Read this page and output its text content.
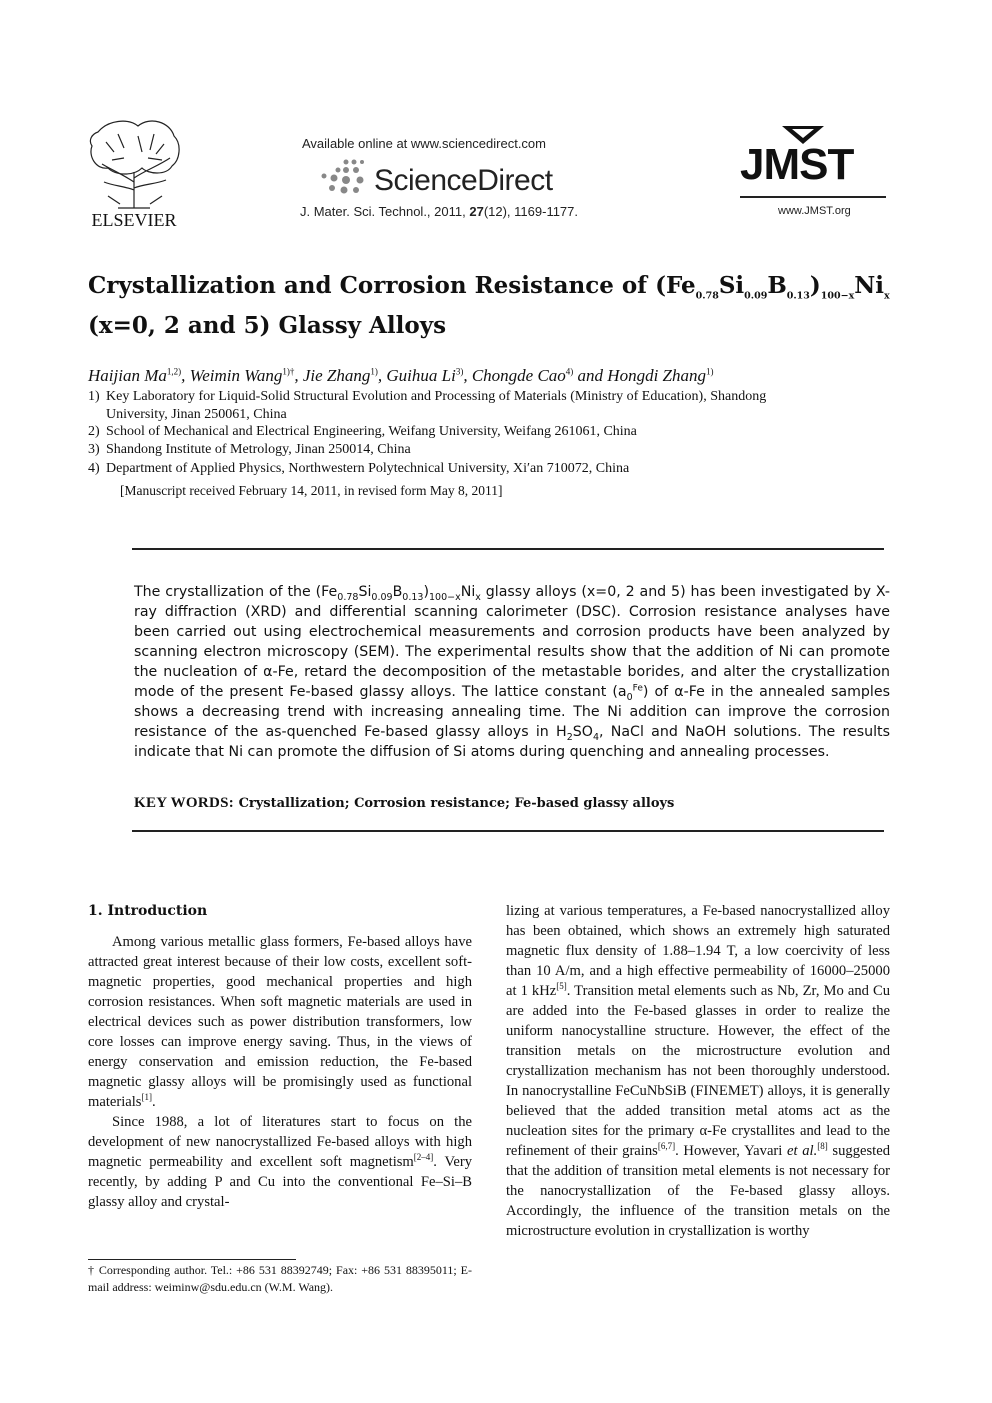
ELSEVIER
Available online at www.sciencedirect.com
ScienceDirect
J. Mater. Sci. Technol., 2011, 27(12), 1169-1177.
JMST
www.JMST.org
Crystallization and Corrosion Resistance of $(Fe_{0.78}Si_{0.09}B_{0.13})_{100-x}Ni_x$
(x=0, 2 and 5) Glassy Alloys
Haijian Ma$^{1,2)}$, Weimin Wang$^{1)\dagger}$, Jie Zhang$^{1)}$, Guihua Li$^{3)}$, Chongde Cao$^{4)}$ and Hongdi Zhang$^{1)}$
1) Key Laboratory for Liquid-Solid Structural Evolution and Processing of Materials (Ministry of Education), Shandong
University, Jinan 250061, China
2) School of Mechanical and Electrical Engineering, Weifang University, Weifang 261061, China
3) Shandong Institute of Metrology, Jinan 250014, China
4) Department of Applied Physics, Northwestern Polytechnical University, Xi′an 710072, China
[Manuscript received February 14, 2011, in revised form May 8, 2011]
The crystallization of the $(Fe_{0.78}Si_{0.09}B_{0.13})_{100-x}Ni_x$ glassy alloys (x=0, 2 and 5) has been investigated by X-ray diffraction (XRD) and differential scanning calorimeter (DSC). Corrosion resistance analyses have been carried out using electrochemical measurements and corrosion products have been analyzed by scanning electron microscopy (SEM). The experimental results show that the addition of Ni can promote the nucleation of α-Fe, retard the decomposition of the metastable borides, and alter the crystallization mode of the present Fe-based glassy alloys. The lattice constant $(a_0^{Fe})$ of α-Fe in the annealed samples shows a decreasing trend with increasing annealing time. The Ni addition can improve the corrosion resistance of the as-quenched Fe-based glassy alloys in $H_2SO_4$, NaCl and NaOH solutions. The results indicate that Ni can promote the diffusion of Si atoms during quenching and annealing processes.
KEY WORDS: Crystallization; Corrosion resistance; Fe-based glassy alloys
1. Introduction
Among various metallic glass formers, Fe-based alloys have attracted great interest because of their low costs, excellent soft-magnetic properties, good mechanical properties and high corrosion resistances. When soft magnetic materials are used in electrical devices such as power distribution transformers, low core losses can improve energy saving. Thus, in the views of energy conservation and emission reduction, the Fe-based magnetic glassy alloys will be promisingly used as functional materials[1].
Since 1988, a lot of literatures start to focus on the development of new nanocrystallized Fe-based alloys with high magnetic permeability and excellent soft magnetism[2–4]. Very recently, by adding P and Cu into the conventional Fe–Si–B glassy alloy and crystal-
lizing at various temperatures, a Fe-based nanocrystallized alloy has been obtained, which shows an extremely high saturated magnetic flux density of 1.88–1.94 T, a low coercivity of less than 10 A/m, and a high effective permeability of 16000–25000 at 1 kHz[5]. Transition metal elements such as Nb, Zr, Mo and Cu are added into the Fe-based glasses in order to realize the uniform nanocystalline structure. However, the effect of the transition metals on the microstructure evolution and crystallization mechanism has not been thoroughly understood. In nanocrystalline FeCuNbSiB (FINEMET) alloys, it is generally believed that the added transition metal atoms act as the nucleation sites for the primary α-Fe crystallites and lead to the refinement of their grains[6,7]. However, Yavari et al.[8] suggested that the addition of transition metal elements is not necessary for the nanocrystallization of the Fe-based glassy alloys. Accordingly, the influence of the transition metals on the microstructure evolution in crystallization is worthy
† Corresponding author. Tel.: +86 531 88392749; Fax: +86 531 88395011; E-mail address: weiminw@sdu.edu.cn (W.M. Wang).
